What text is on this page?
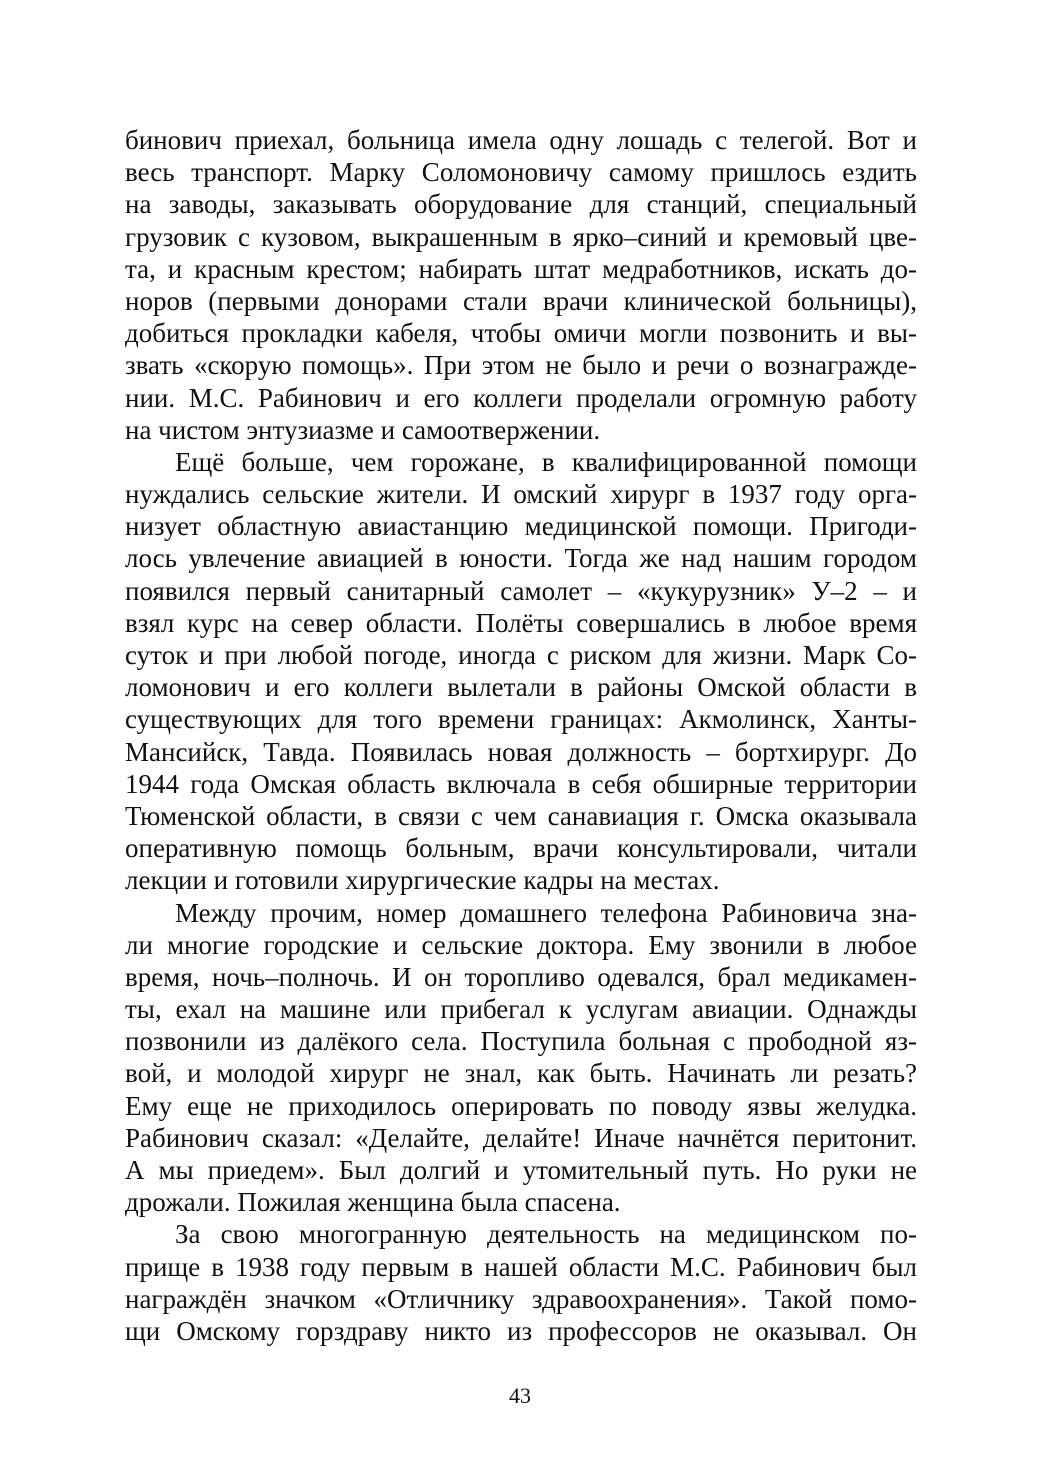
бинович приехал, больница имела одну лошадь с телегой. Вот и
весь транспорт. Марку Соломоновичу самому пришлось ездить
на заводы, заказывать оборудование для станций, специальный
грузовик с кузовом, выкрашенным в ярко–синий и кремовый цве-
та, и красным крестом; набирать штат медработников, искать до-
норов (первыми донорами стали врачи клинической больницы),
добиться прокладки кабеля, чтобы омичи могли позвонить и вы-
звать «скорую помощь». При этом не было и речи о вознагражде-
нии. М.С. Рабинович и его коллеги проделали огромную работу
на чистом энтузиазме и самоотвержении.
Ещё больше, чем горожане, в квалифицированной помощи
нуждались сельские жители. И омский хирург в 1937 году орга-
низует областную авиастанцию медицинской помощи. Пригоди-
лось увлечение авиацией в юности. Тогда же над нашим городом
появился первый санитарный самолет – «кукурузник» У–2 – и
взял курс на север области. Полёты совершались в любое время
суток и при любой погоде, иногда с риском для жизни. Марк Со-
ломонович и его коллеги вылетали в районы Омской области в
существующих для того времени границах: Акмолинск, Ханты-
Мансийск, Тавда. Появилась новая должность – бортхирург. До
1944 года Омская область включала в себя обширные территории
Тюменской области, в связи с чем санавиация г. Омска оказывала
оперативную помощь больным, врачи консультировали, читали
лекции и готовили хирургические кадры на местах.
Между прочим, номер домашнего телефона Рабиновича зна-
ли многие городские и сельские доктора. Ему звонили в любое
время, ночь–полночь. И он торопливо одевался, брал медикамен-
ты, ехал на машине или прибегал к услугам авиации. Однажды
позвонили из далёкого села. Поступила больная с прободной яз-
вой, и молодой хирург не знал, как быть. Начинать ли резать?
Ему еще не приходилось оперировать по поводу язвы желудка.
Рабинович сказал: «Делайте, делайте! Иначе начнётся перитонит.
А мы приедем». Был долгий и утомительный путь. Но руки не
дрожали. Пожилая женщина была спасена.
За свою многогранную деятельность на медицинском по-
прище в 1938 году первым в нашей области М.С. Рабинович был
награждён значком «Отличнику здравоохранения». Такой помо-
щи Омскому горздраву никто из профессоров не оказывал. Он
43
